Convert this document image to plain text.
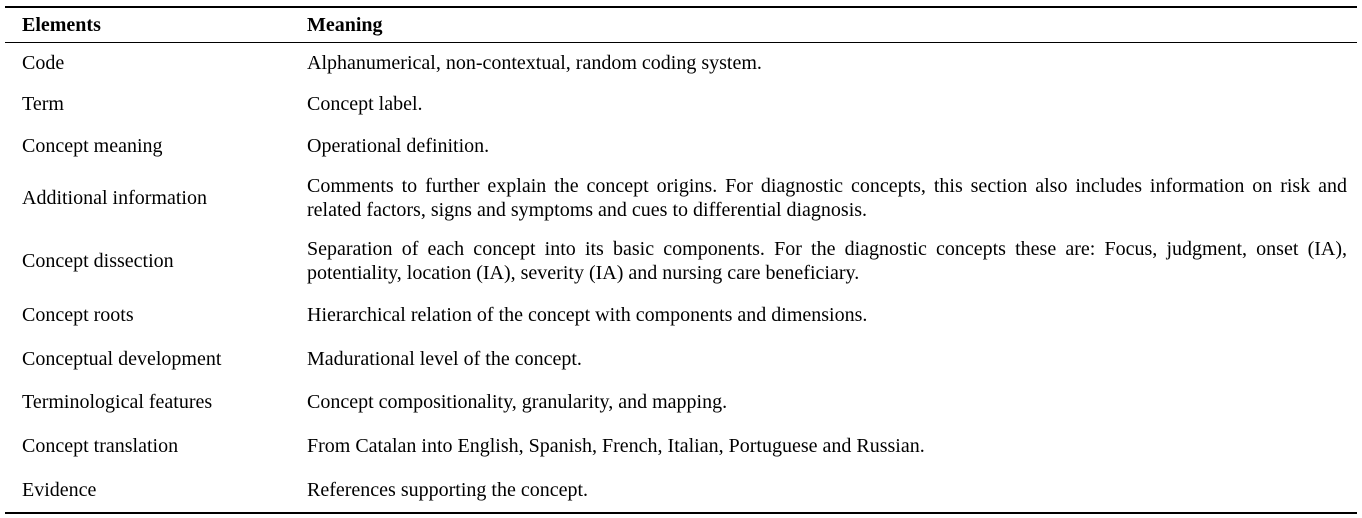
Elements	Meaning
Code	Alphanumerical, non-contextual, random coding system.
Term	Concept label.
Concept meaning	Operational definition.
Additional information	Comments to further explain the concept origins. For diagnostic concepts, this section also includes information on risk and related factors, signs and symptoms and cues to differential diagnosis.
Concept dissection	Separation of each concept into its basic components. For the diagnostic concepts these are: Focus, judgment, onset (IA), potentiality, location (IA), severity (IA) and nursing care beneficiary.
Concept roots	Hierarchical relation of the concept with components and dimensions.
Conceptual development	Madurational level of the concept.
Terminological features	Concept compositionality, granularity, and mapping.
Concept translation	From Catalan into English, Spanish, French, Italian, Portuguese and Russian.
Evidence	References supporting the concept.
